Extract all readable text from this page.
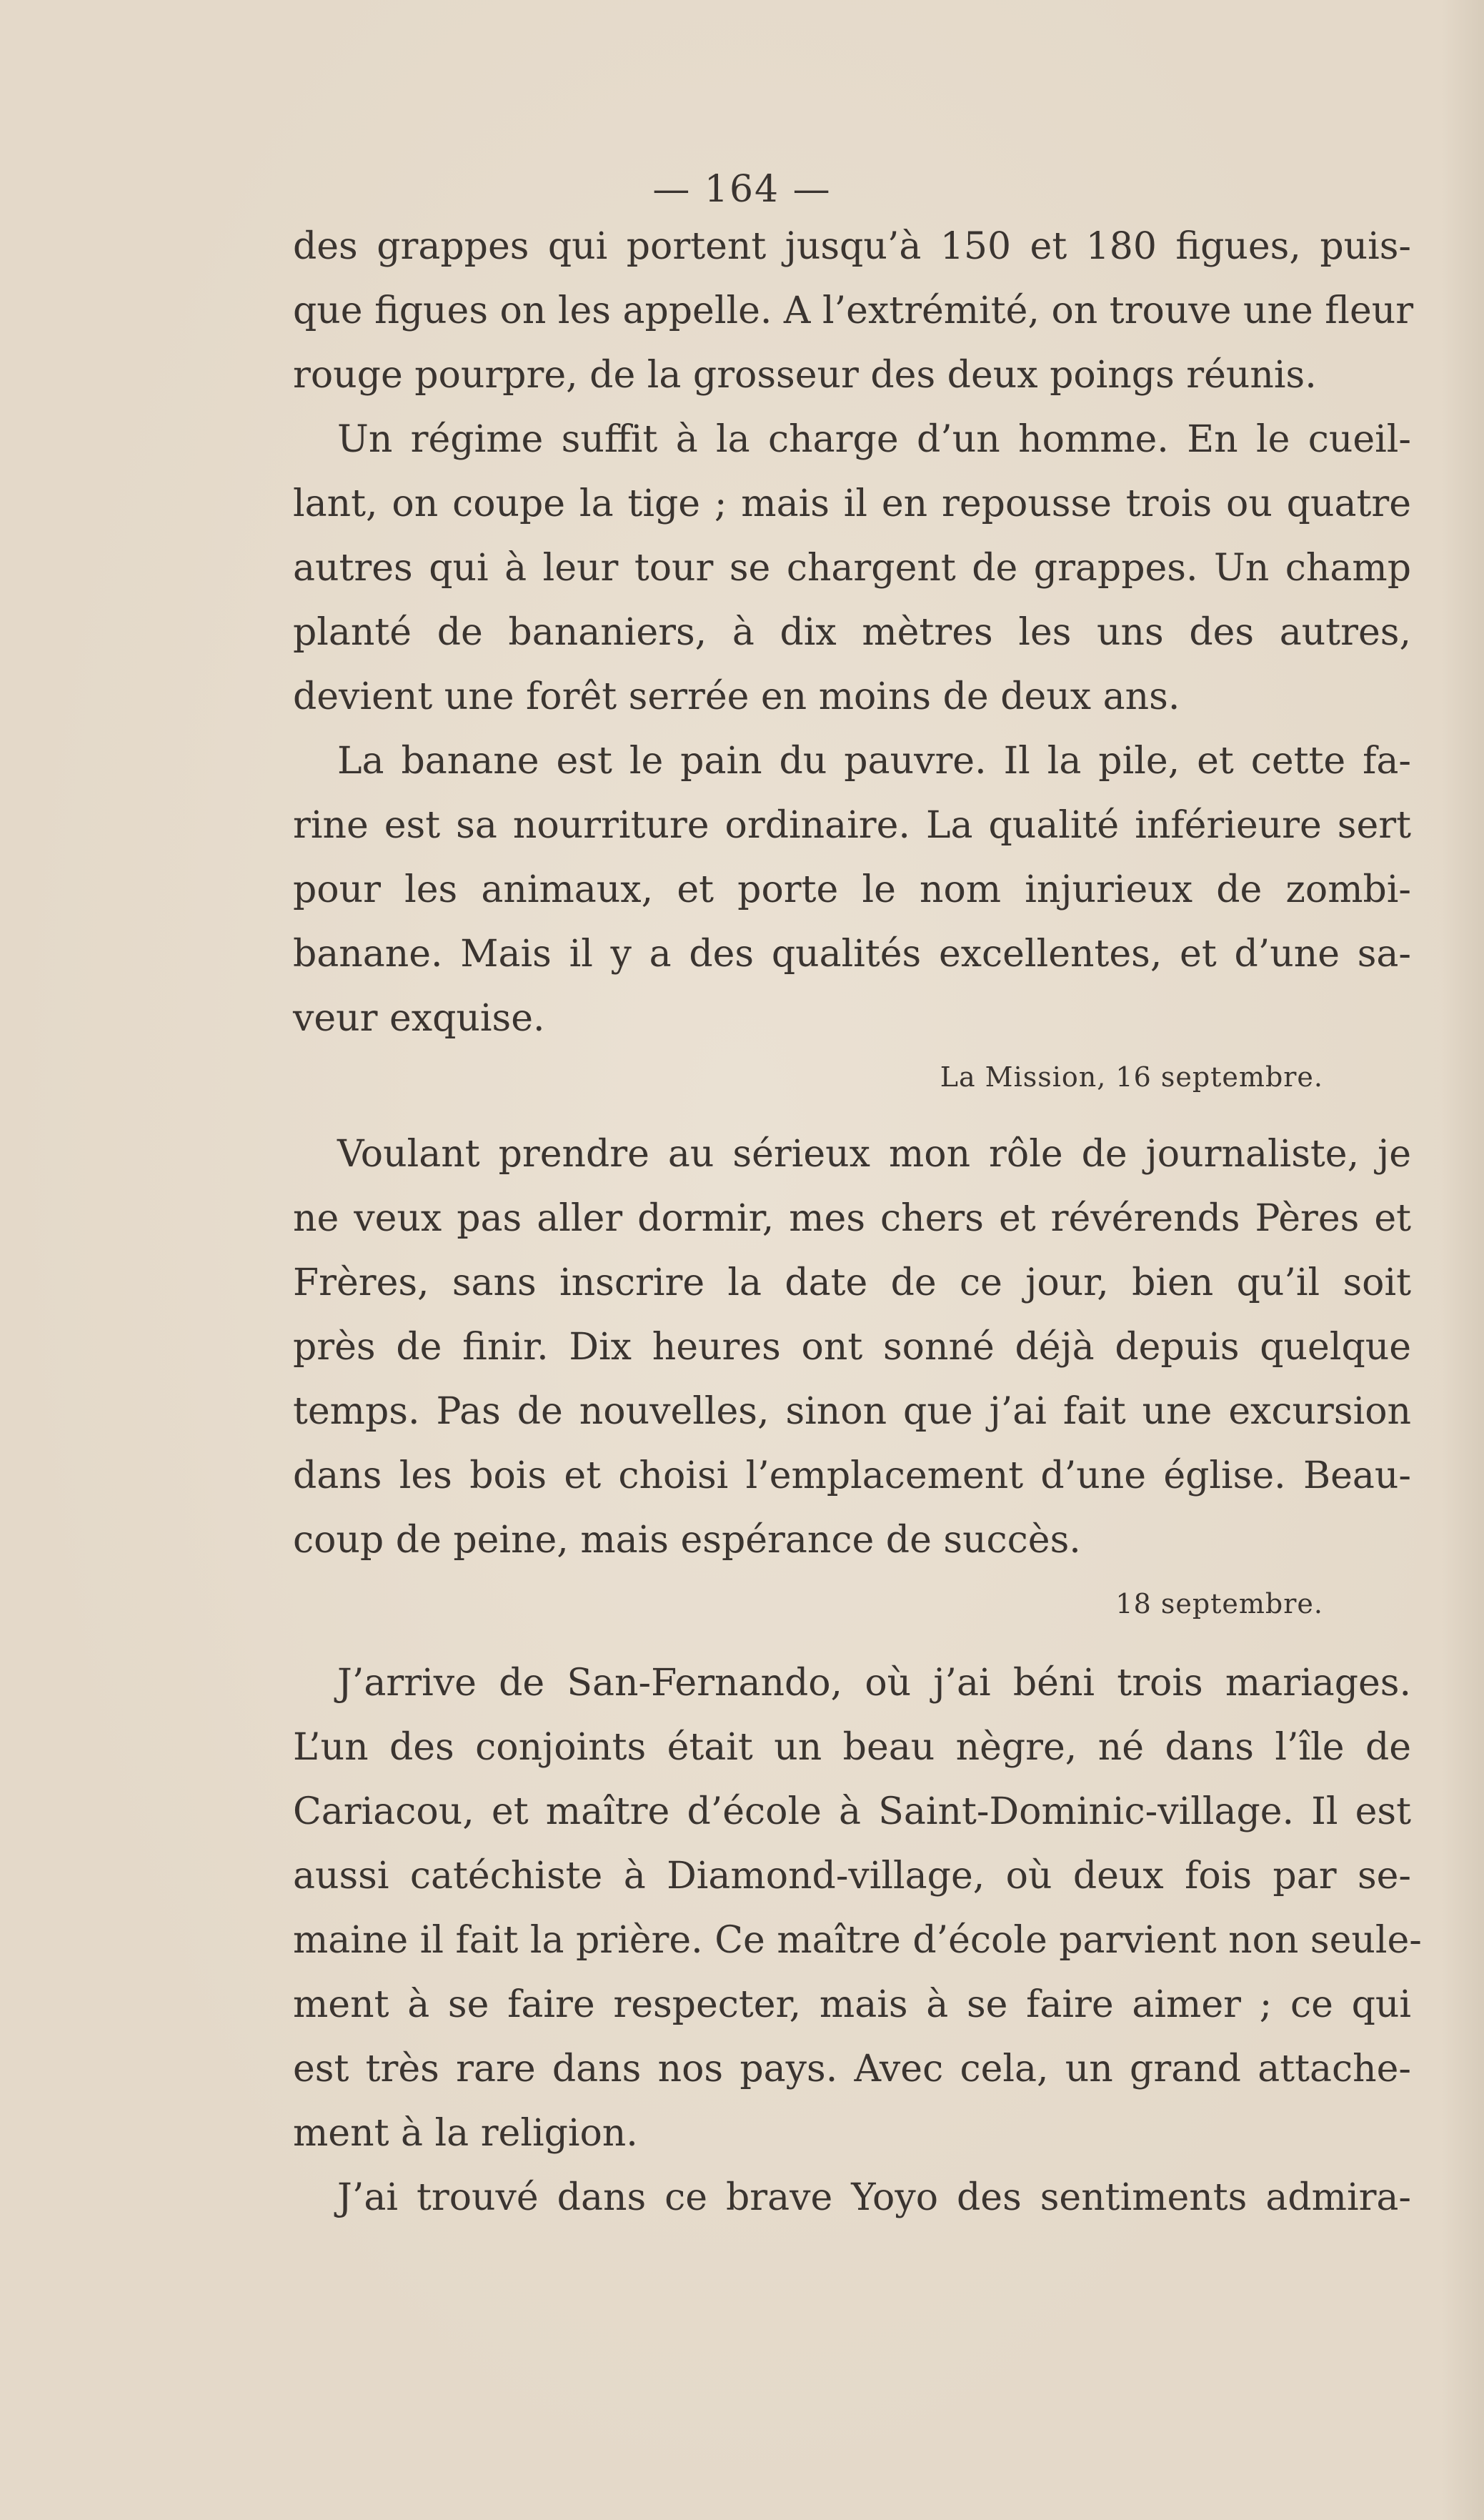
— 164 —
des grappes qui portent jusqu’à 150 et 180 figues, puis-
que figues on les appelle. A l’extrémité, on trouve une fleur
rouge pourpre, de la grosseur des deux poings réunis.
Un régime suffit à la charge d’un homme. En le cueil-
lant, on coupe la tige ; mais il en repousse trois ou quatre
autres qui à leur tour se chargent de grappes. Un champ
planté de bananiers, à dix mètres les uns des autres,
devient une forêt serrée en moins de deux ans.
La banane est le pain du pauvre. Il la pile, et cette fa-
rine est sa nourriture ordinaire. La qualité inférieure sert
pour les animaux, et porte le nom injurieux de zombi-
banane. Mais il y a des qualités excellentes, et d’une sa-
veur exquise.
La Mission, 16 septembre.
Voulant prendre au sérieux mon rôle de journaliste, je
ne veux pas aller dormir, mes chers et révérends Pères et
Frères, sans inscrire la date de ce jour, bien qu’il soit
près de finir. Dix heures ont sonné déjà depuis quelque
temps. Pas de nouvelles, sinon que j’ai fait une excursion
dans les bois et choisi l’emplacement d’une église. Beau-
coup de peine, mais espérance de succès.
18 septembre.
J’arrive de San-Fernando, où j’ai béni trois mariages.
L’un des conjoints était un beau nègre, né dans l’île de
Cariacou, et maître d’école à Saint-Dominic-village. Il est
aussi catéchiste à Diamond-village, où deux fois par se-
maine il fait la prière. Ce maître d’école parvient non seule-
ment à se faire respecter, mais à se faire aimer ; ce qui
est très rare dans nos pays. Avec cela, un grand attache-
ment à la religion.
J’ai trouvé dans ce brave Yoyo des sentiments admira-
